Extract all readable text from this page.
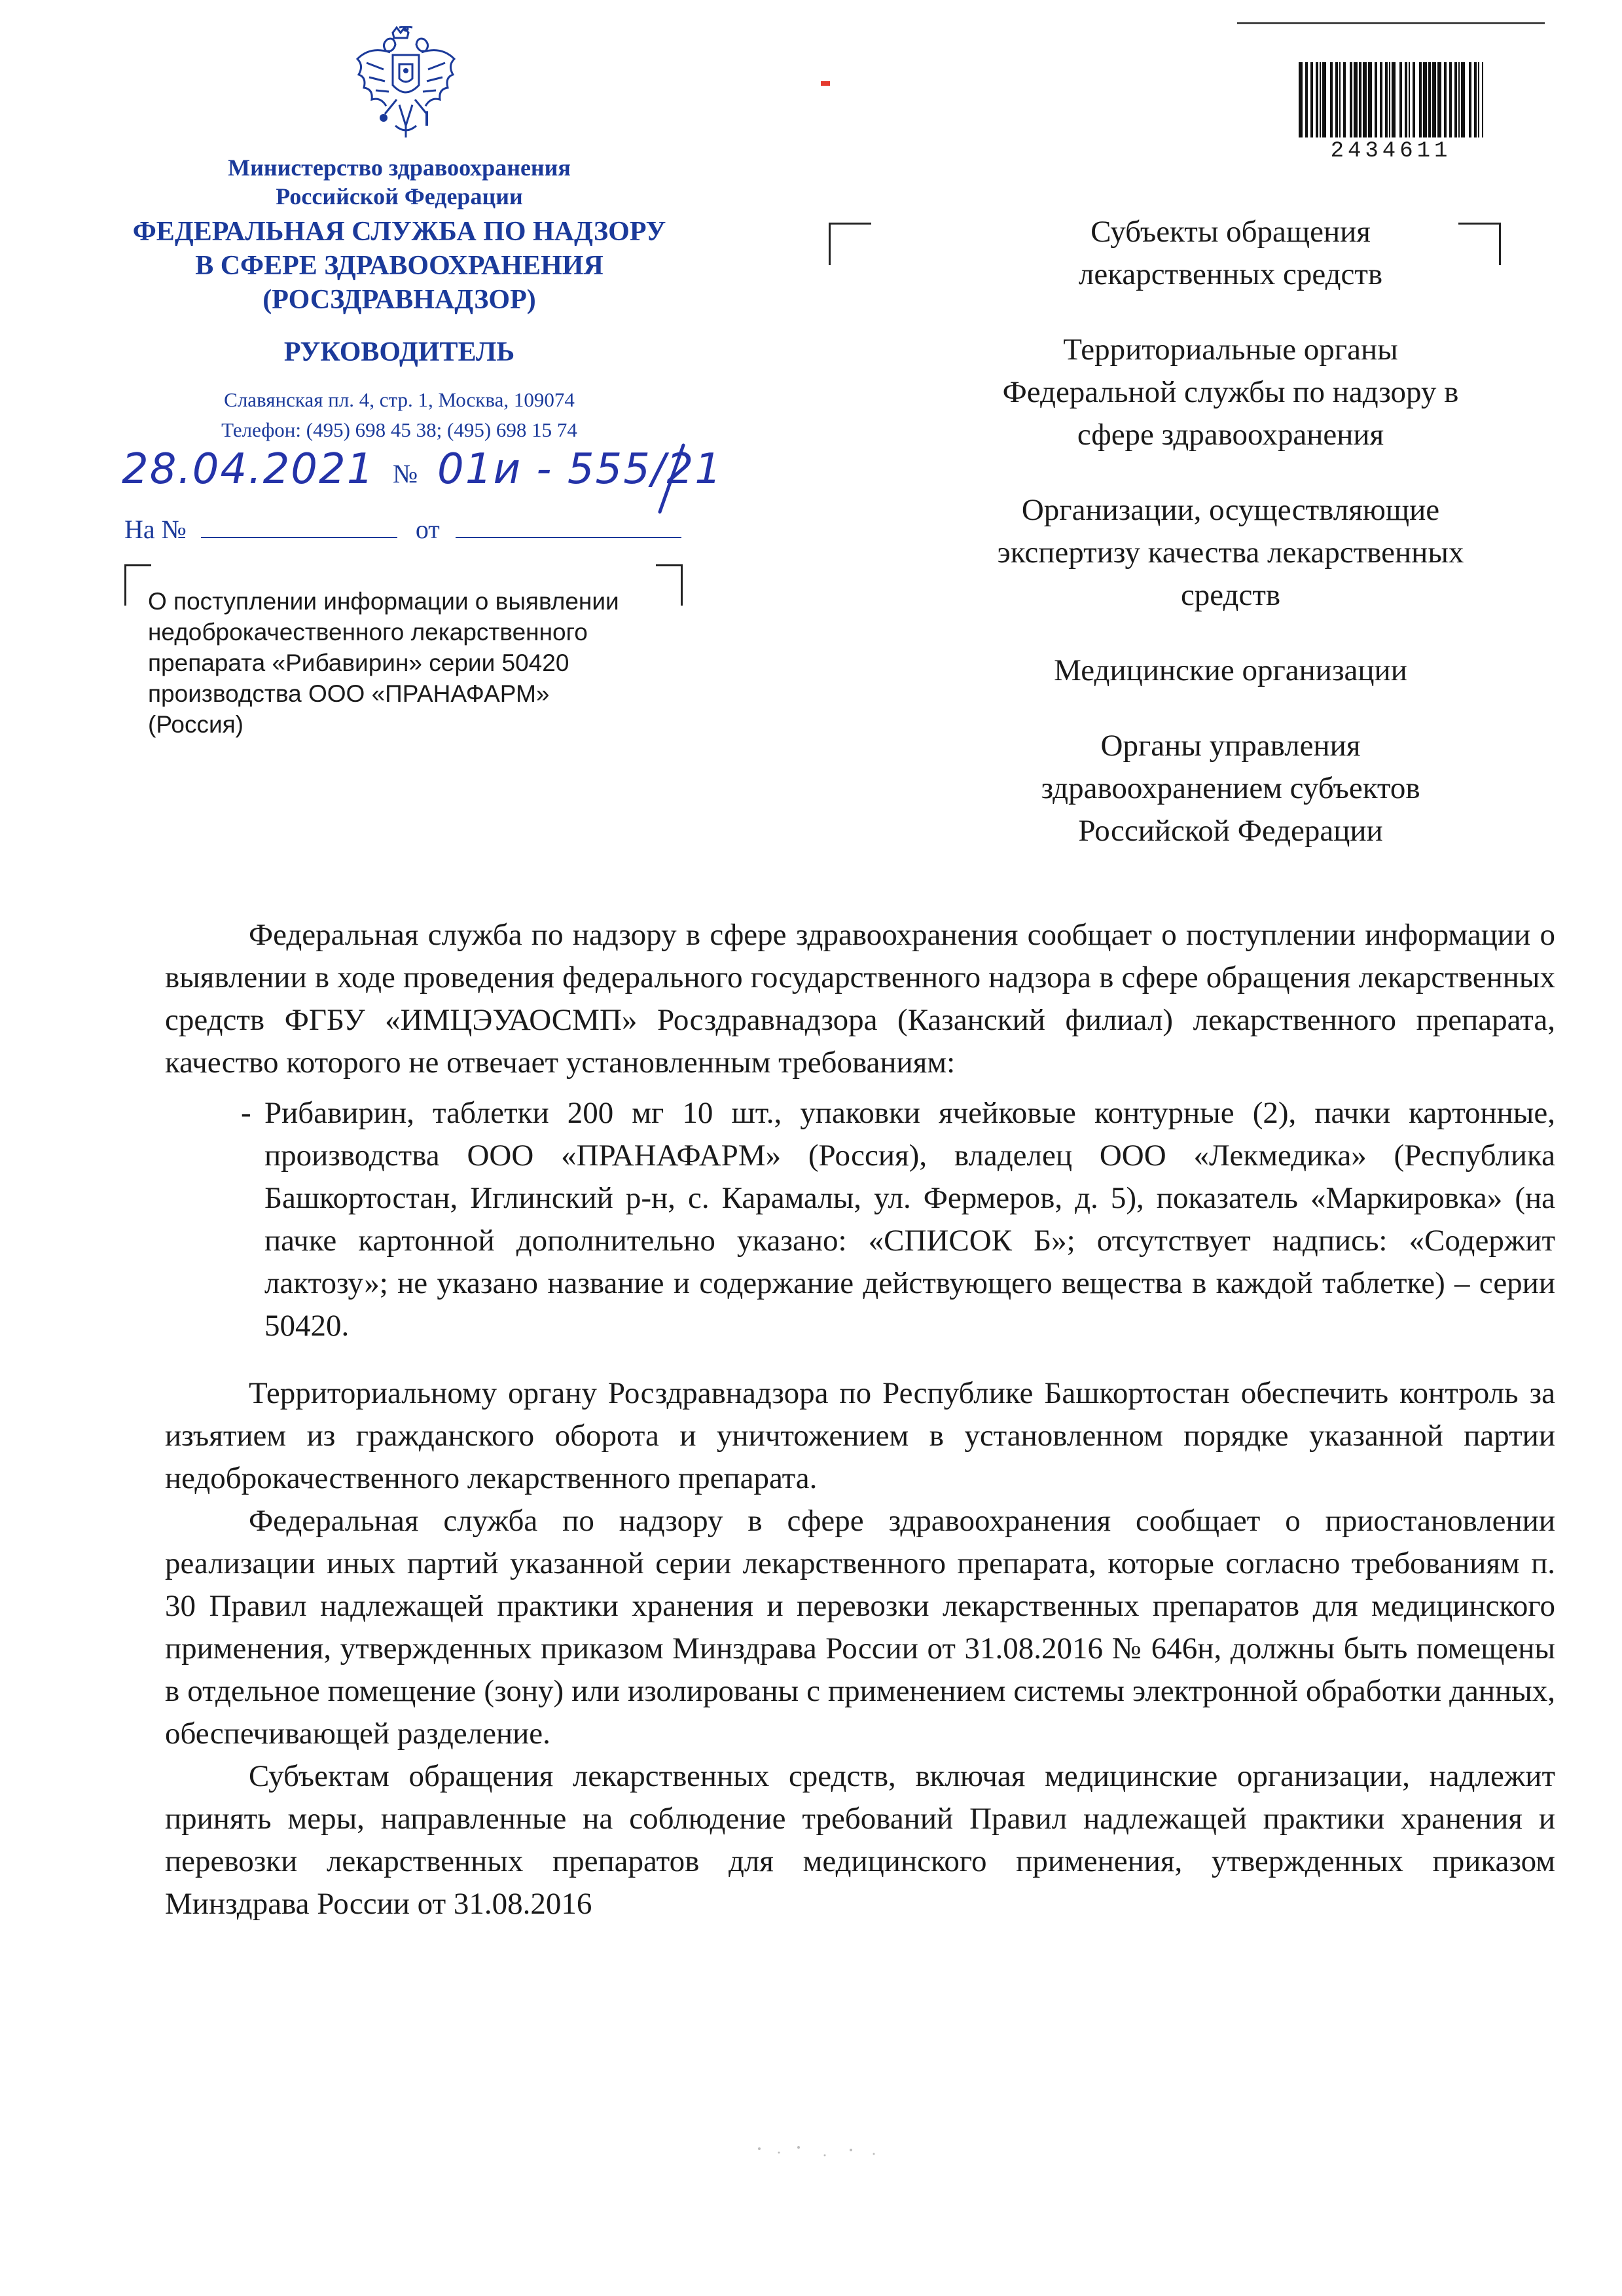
Министерство здравоохранения
Российской Федерации
ФЕДЕРАЛЬНАЯ СЛУЖБА ПО НАДЗОРУ
В СФЕРЕ ЗДРАВООХРАНЕНИЯ
(РОСЗДРАВНАДЗОР)
РУКОВОДИТЕЛЬ
Славянская пл. 4, стр. 1, Москва, 109074
Телефон: (495) 698 45 38; (495) 698 15 74
28.04.2021 № 01и - 555/21
На №	от
О поступлении информации о выявлении
недоброкачественного лекарственного
препарата «Рибавирин» серии 50420
производства ООО «ПРАНАФАРМ»
(Россия)
2434611
Субъекты обращения
лекарственных средств
Территориальные органы
Федеральной службы по надзору в
сфере здравоохранения
Организации, осуществляющие
экспертизу качества лекарственных
средств
Медицинские организации
Органы управления
здравоохранением субъектов
Российской Федерации

Федеральная служба по надзору в сфере здравоохранения сообщает о поступлении информации о выявлении в ходе проведения федерального государственного надзора в сфере обращения лекарственных средств ФГБУ «ИМЦЭУАОСМП» Росздравнадзора (Казанский филиал) лекарственного препарата, качество которого не отвечает установленным требованиям:

- Рибавирин, таблетки 200 мг 10 шт., упаковки ячейковые контурные (2), пачки картонные, производства ООО «ПРАНАФАРМ» (Россия), владелец ООО «Лекмедика» (Республика Башкортостан, Иглинский р-н, с. Карамалы, ул. Фермеров, д. 5), показатель «Маркировка» (на пачке картонной дополнительно указано: «СПИСОК Б»; отсутствует надпись: «Содержит лактозу»; не указано название и содержание действующего вещества в каждой таблетке) – серии 50420.

Территориальному органу Росздравнадзора по Республике Башкортостан обеспечить контроль за изъятием из гражданского оборота и уничтожением в установленном порядке указанной партии недоброкачественного лекарственного препарата.

Федеральная служба по надзору в сфере здравоохранения сообщает о приостановлении реализации иных партий указанной серии лекарственного препарата, которые согласно требованиям п. 30 Правил надлежащей практики хранения и перевозки лекарственных препаратов для медицинского применения, утвержденных приказом Минздрава России от 31.08.2016 № 646н, должны быть помещены в отдельное помещение (зону) или изолированы с применением системы электронной обработки данных, обеспечивающей разделение.

Субъектам обращения лекарственных средств, включая медицинские организации, надлежит принять меры, направленные на соблюдение требований Правил надлежащей практики хранения и перевозки лекарственных препаратов для медицинского применения, утвержденных приказом Минздрава России от 31.08.2016
